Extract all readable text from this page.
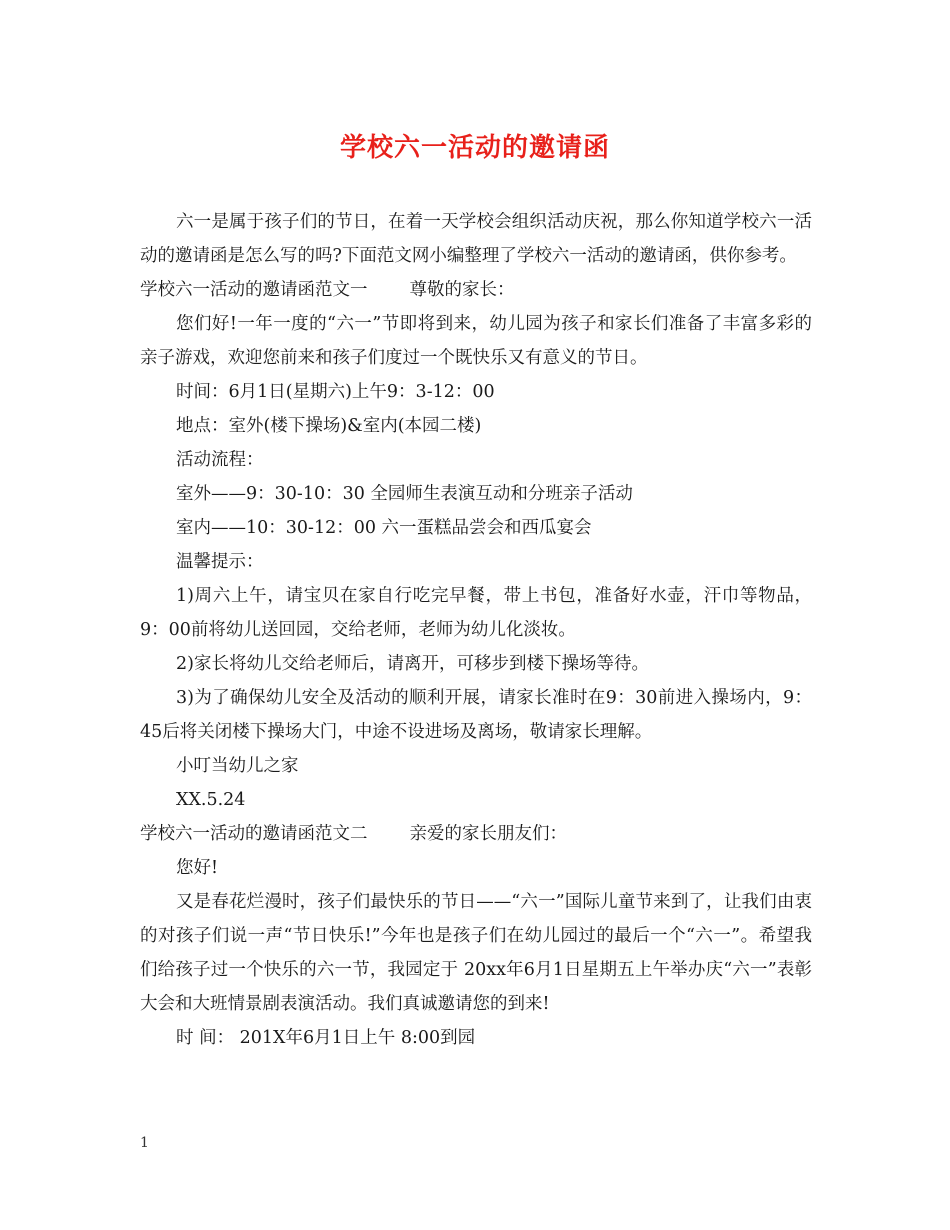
学校六一活动的邀请函

六一是属于孩子们的节日，在着一天学校会组织活动庆祝，那么你知道学校六一活动的邀请函是怎么写的吗?下面范文网小编整理了学校六一活动的邀请函，供你参考。

学校六一活动的邀请函范文一 尊敬的家长：

您们好!一年一度的“六一”节即将到来，幼儿园为孩子和家长们准备了丰富多彩的亲子游戏，欢迎您前来和孩子们度过一个既快乐又有意义的节日。

时间：6月1日(星期六)上午9：3-12：00

地点：室外(楼下操场)&室内(本园二楼)

活动流程：

室外——9：30-10：30 全园师生表演互动和分班亲子活动

室内——10：30-12：00 六一蛋糕品尝会和西瓜宴会

温馨提示：

1)周六上午，请宝贝在家自行吃完早餐，带上书包，准备好水壶，汗巾等物品，9：00前将幼儿送回园，交给老师，老师为幼儿化淡妆。

2)家长将幼儿交给老师后，请离开，可移步到楼下操场等待。

3)为了确保幼儿安全及活动的顺利开展，请家长准时在9：30前进入操场内，9：45后将关闭楼下操场大门，中途不设进场及离场，敬请家长理解。

小叮当幼儿之家

XX.5.24

学校六一活动的邀请函范文二 亲爱的家长朋友们：

您好!

又是春花烂漫时，孩子们最快乐的节日——“六一”国际儿童节来到了，让我们由衷的对孩子们说一声“节日快乐!”今年也是孩子们在幼儿园过的最后一个“六一”。希望我们给孩子过一个快乐的六一节，我园定于 20xx年6月1日星期五上午举办庆“六一”表彰大会和大班情景剧表演活动。我们真诚邀请您的到来!

时 间： 201X年6月1日上午 8:00到园

1
